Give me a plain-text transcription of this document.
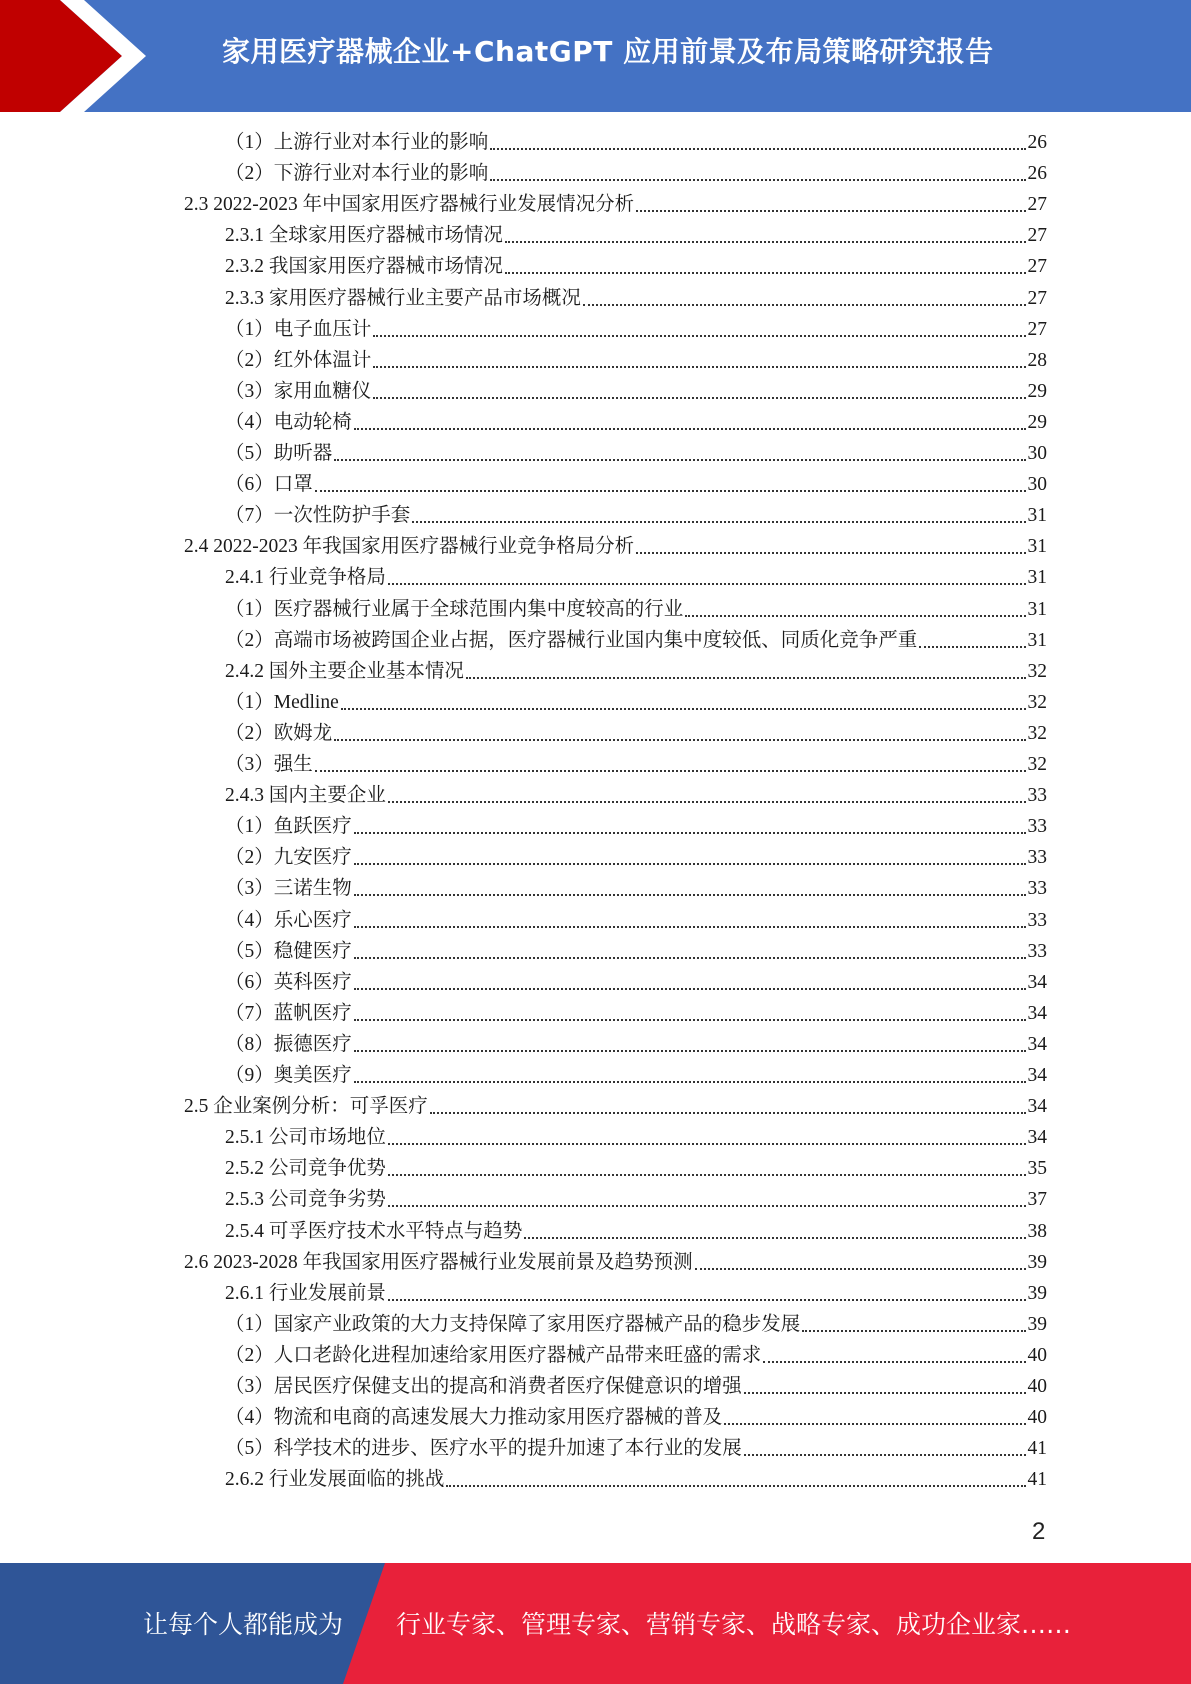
家用医疗器械企业+ChatGPT 应用前景及布局策略研究报告
（1）上游行业对本行业的影响	26
（2）下游行业对本行业的影响	26
2.3 2022-2023 年中国家用医疗器械行业发展情况分析	27
2.3.1 全球家用医疗器械市场情况	27
2.3.2 我国家用医疗器械市场情况	27
2.3.3 家用医疗器械行业主要产品市场概况	27
（1）电子血压计	27
（2）红外体温计	28
（3）家用血糖仪	29
（4）电动轮椅	29
（5）助听器	30
（6）口罩	30
（7）一次性防护手套	31
2.4 2022-2023 年我国家用医疗器械行业竞争格局分析	31
2.4.1 行业竞争格局	31
（1）医疗器械行业属于全球范围内集中度较高的行业	31
（2）高端市场被跨国企业占据，医疗器械行业国内集中度较低、同质化竞争严重	31
2.4.2 国外主要企业基本情况	32
（1）Medline	32
（2）欧姆龙	32
（3）强生	32
2.4.3 国内主要企业	33
（1）鱼跃医疗	33
（2）九安医疗	33
（3）三诺生物	33
（4）乐心医疗	33
（5）稳健医疗	33
（6）英科医疗	34
（7）蓝帆医疗	34
（8）振德医疗	34
（9）奥美医疗	34
2.5 企业案例分析：可孚医疗	34
2.5.1 公司市场地位	34
2.5.2 公司竞争优势	35
2.5.3 公司竞争劣势	37
2.5.4 可孚医疗技术水平特点与趋势	38
2.6 2023-2028 年我国家用医疗器械行业发展前景及趋势预测	39
2.6.1 行业发展前景	39
（1）国家产业政策的大力支持保障了家用医疗器械产品的稳步发展	39
（2）人口老龄化进程加速给家用医疗器械产品带来旺盛的需求	40
（3）居民医疗保健支出的提高和消费者医疗保健意识的增强	40
（4）物流和电商的高速发展大力推动家用医疗器械的普及	40
（5）科学技术的进步、医疗水平的提升加速了本行业的发展	41
2.6.2 行业发展面临的挑战	41
2
让每个人都能成为 行业专家、管理专家、营销专家、战略专家、成功企业家……
